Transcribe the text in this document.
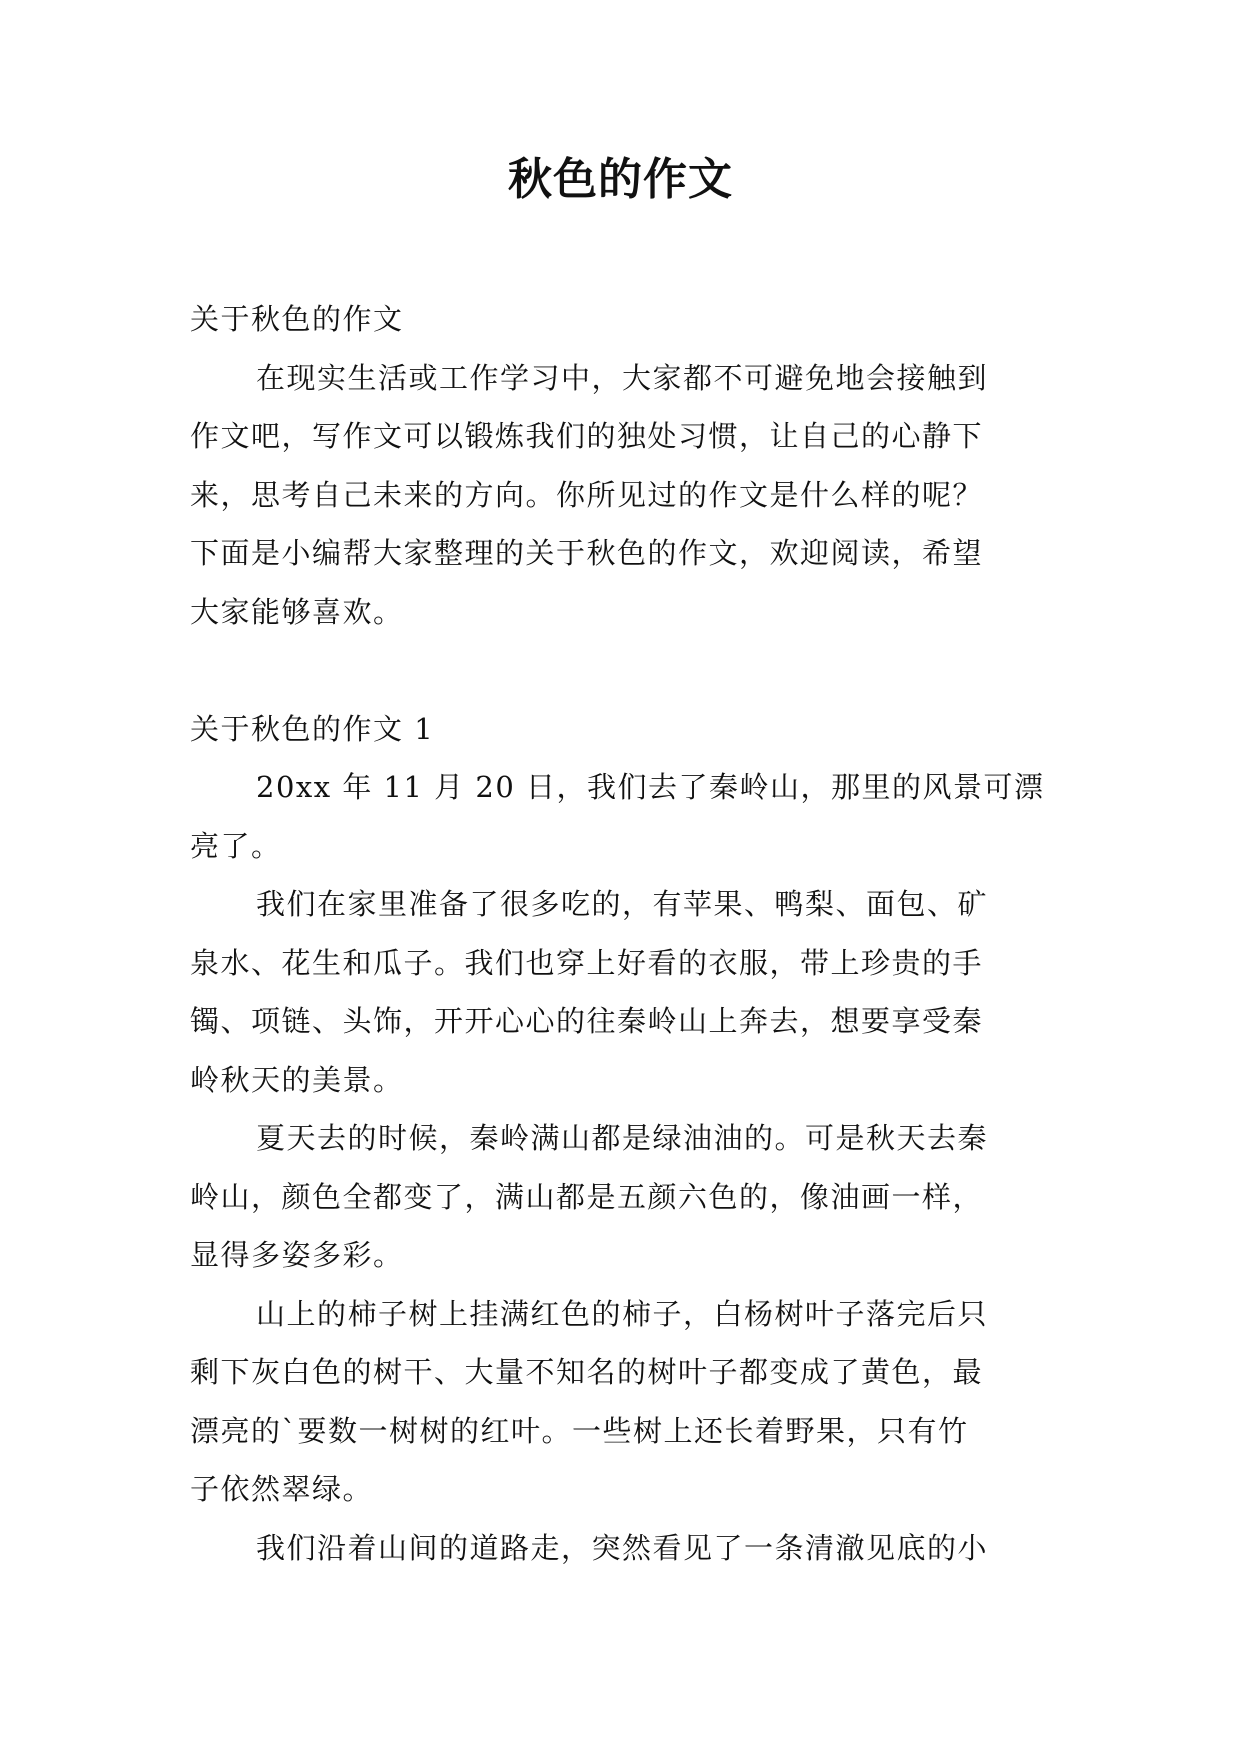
秋色的作文
关于秋色的作文
在现实生活或工作学习中，大家都不可避免地会接触到
作文吧，写作文可以锻炼我们的独处习惯，让自己的心静下
来，思考自己未来的方向。你所见过的作文是什么样的呢？
下面是小编帮大家整理的关于秋色的作文，欢迎阅读，希望
大家能够喜欢。
关于秋色的作文 1
20xx 年 11 月 20 日，我们去了秦岭山，那里的风景可漂
亮了。
我们在家里准备了很多吃的，有苹果、鸭梨、面包、矿
泉水、花生和瓜子。我们也穿上好看的衣服，带上珍贵的手
镯、项链、头饰，开开心心的往秦岭山上奔去，想要享受秦
岭秋天的美景。
夏天去的时候，秦岭满山都是绿油油的。可是秋天去秦
岭山，颜色全都变了，满山都是五颜六色的，像油画一样，
显得多姿多彩。
山上的柿子树上挂满红色的柿子，白杨树叶子落完后只
剩下灰白色的树干、大量不知名的树叶子都变成了黄色，最
漂亮的`要数一树树的红叶。一些树上还长着野果，只有竹
子依然翠绿。
我们沿着山间的道路走，突然看见了一条清澈见底的小
